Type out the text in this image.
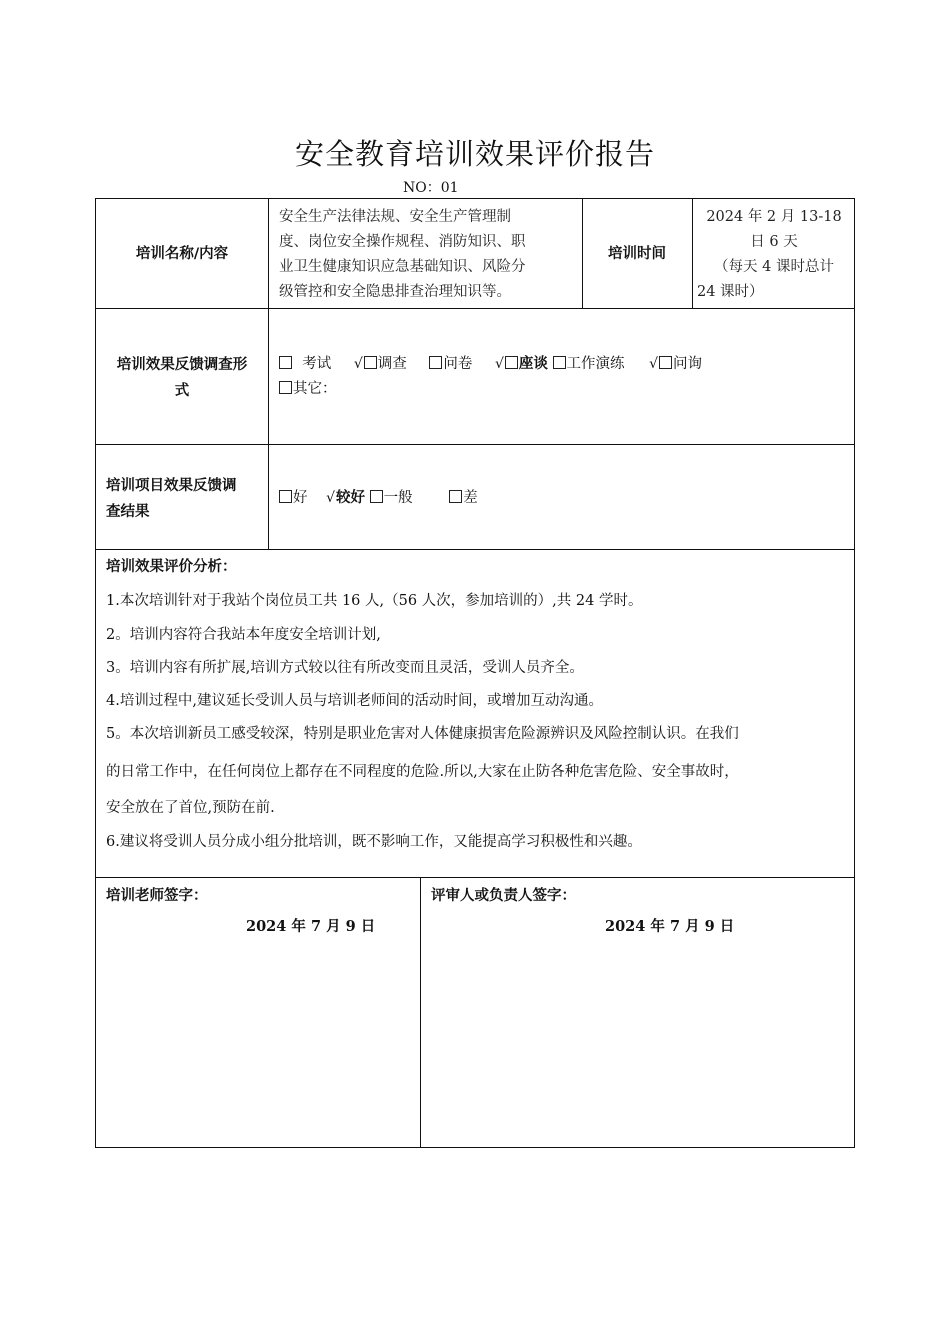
安全教育培训效果评价报告
NO：01
培训名称/内容
安全生产法律法规、安全生产管理制
度、岗位安全操作规程、消防知识、职
业卫生健康知识应急基础知识、风险分
级管控和安全隐患排查治理知识等。
培训时间
2024 年 2 月 13-18
日 6 天
（每天 4 课时总计
24 课时）
培训效果反馈调查形
式
考试 √ 调查	问卷 √ 座谈 工作演练 √ 问询
其它：
培训项目效果反馈调
查结果
好 √较好 一般	差
培训效果评价分析：
1.本次培训针对于我站个岗位员工共 16 人,（56 人次，参加培训的）,共 24 学时。
2。培训内容符合我站本年度安全培训计划,
3。培训内容有所扩展,培训方式较以往有所改变而且灵活，受训人员齐全。
4.培训过程中,建议延长受训人员与培训老师间的活动时间，或增加互动沟通。
5。本次培训新员工感受较深，特别是职业危害对人体健康损害危险源辨识及风险控制认识。在我们
的日常工作中，在任何岗位上都存在不同程度的危险.所以,大家在止防各种危害危险、安全事故时，
安全放在了首位,预防在前.
6.建议将受训人员分成小组分批培训，既不影响工作，又能提高学习积极性和兴趣。
培训老师签字：
2024 年 7 月 9 日
评审人或负责人签字：
2024 年 7 月 9 日
